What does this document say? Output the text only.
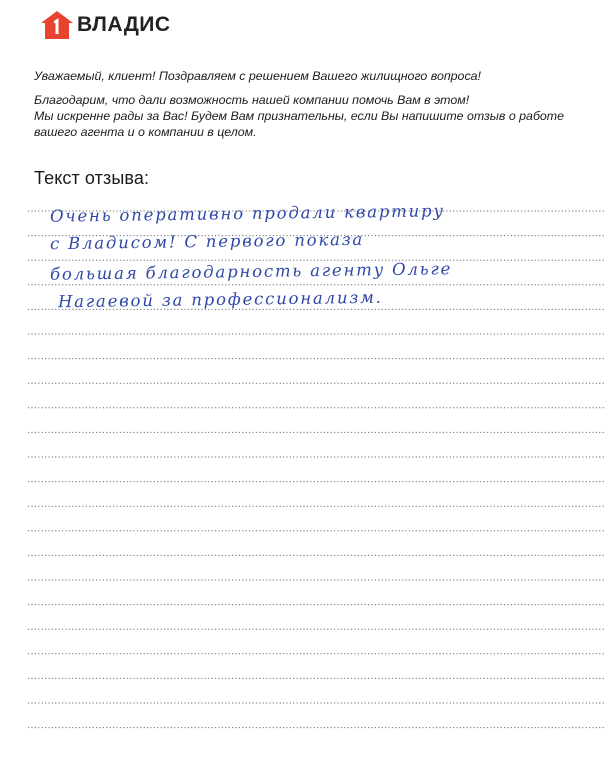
ВЛАДИС

Уважаемый, клиент! Поздравляем с решением Вашего жилищного вопроса!

Благодарим, что дали возможность нашей компании помочь Вам в этом!

Мы искренне рады за Вас! Будем Вам признательны, если Вы напишите отзыв о работе

вашего агента и о компании в целом.

Текст отзыва:
Очень оперативно продали квартиру
с Владисом! С первого показа
большая благодарность агенту Ольге
Нагаевой за профессионализм.
